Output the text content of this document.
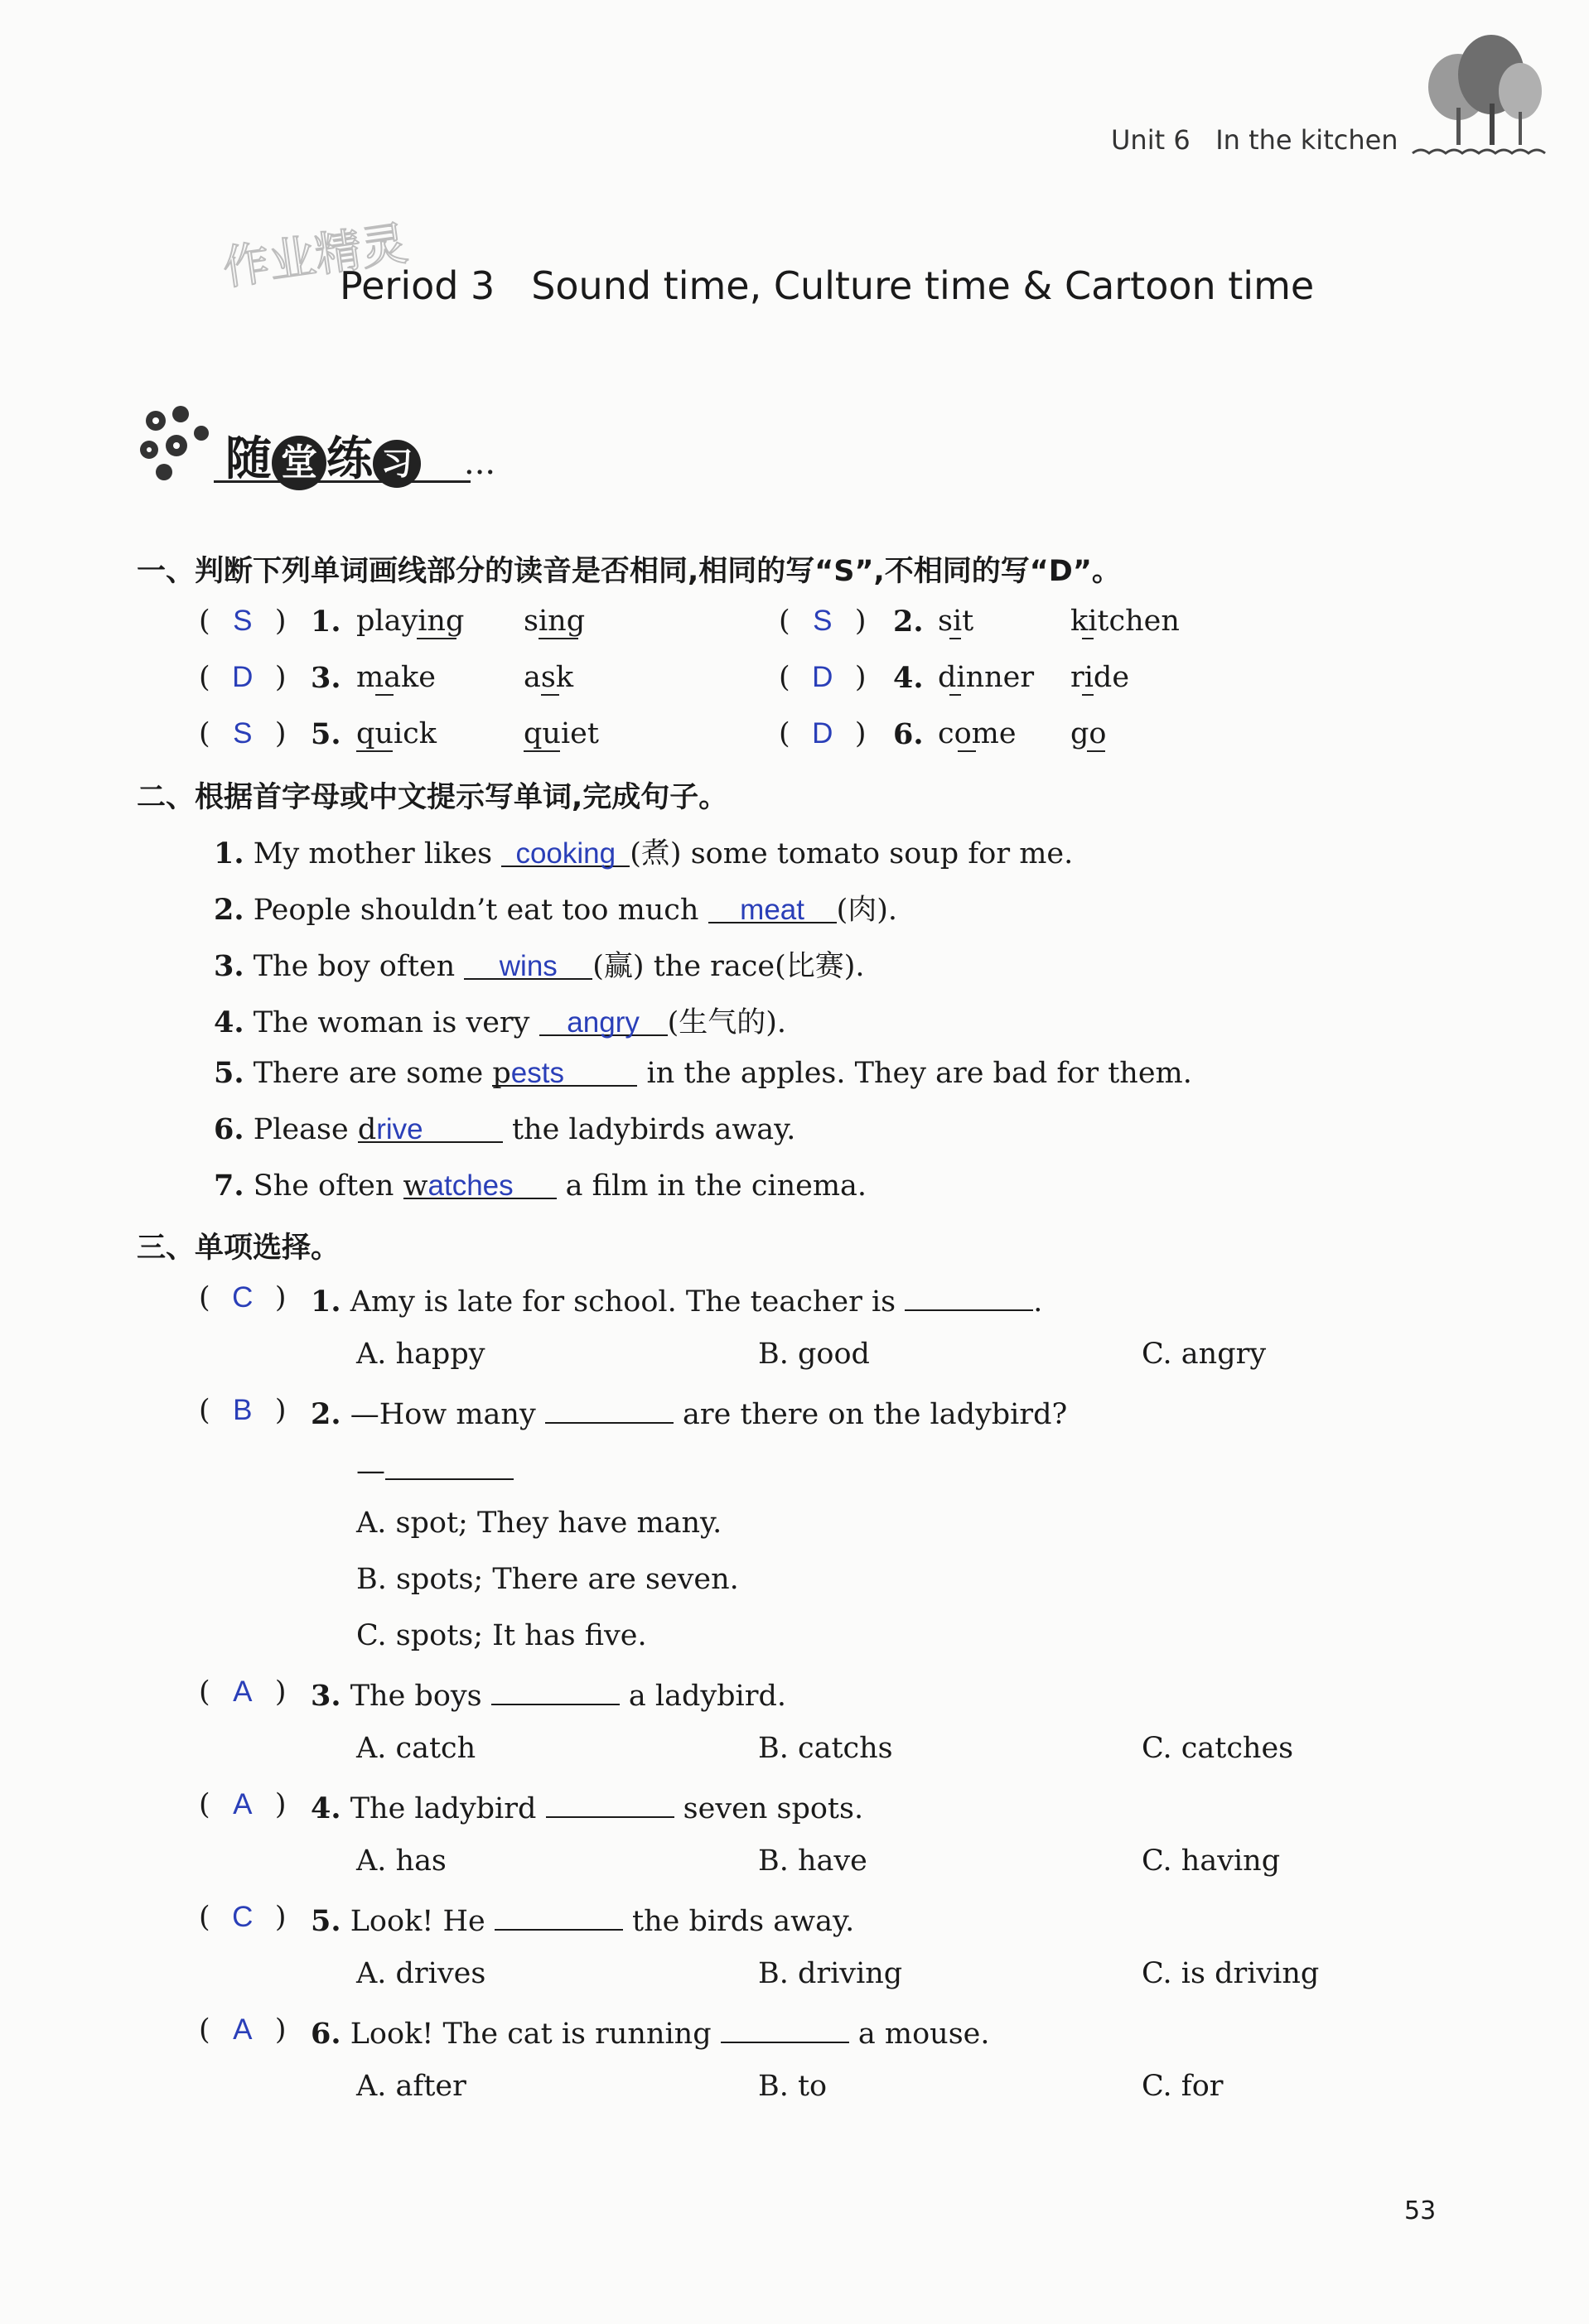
Unit 6 In the kitchen
作业精灵
Period 3   Sound time, Culture time & Cartoon time
随 堂 练 习 ···
一、判断下列单词画线部分的读音是否相同,相同的写“S”,不相同的写“D”。
( S ) 1. playing sing	( S ) 2. sit	kitchen
( D ) 3. make	ask	( D ) 4. dinner ride
( S ) 5. quick	quiet	( D ) 6. come go
二、根据首字母或中文提示写单词,完成句子。
1. My mother likes cooking (煮) some tomato soup for me.
2. People shouldn’t eat too much meat (肉).
3. The boy often wins (赢) the race(比赛).
4. The woman is very angry (生气的).
5. There are some pests	in the apples. They are bad for them.
6. Please drive	the ladybirds away.
7. She often watches a film in the cinema.
三、单项选择。
( C ) 1. Amy is late for school. The teacher is	.
A. happy	B. good	C. angry
( B ) 2. —How many	are there on the ladybird?
—
A. spot; They have many.
B. spots; There are seven.
C. spots; It has five.
( A ) 3. The boys	a ladybird.
A. catch	B. catchs	C. catches
( A ) 4. The ladybird	seven spots.
A. has	B. have	C. having
( C ) 5. Look! He	the birds away.
A. drives	B. driving	C. is driving
( A ) 6. Look! The cat is running	a mouse.
A. after	B. to	C. for
53
